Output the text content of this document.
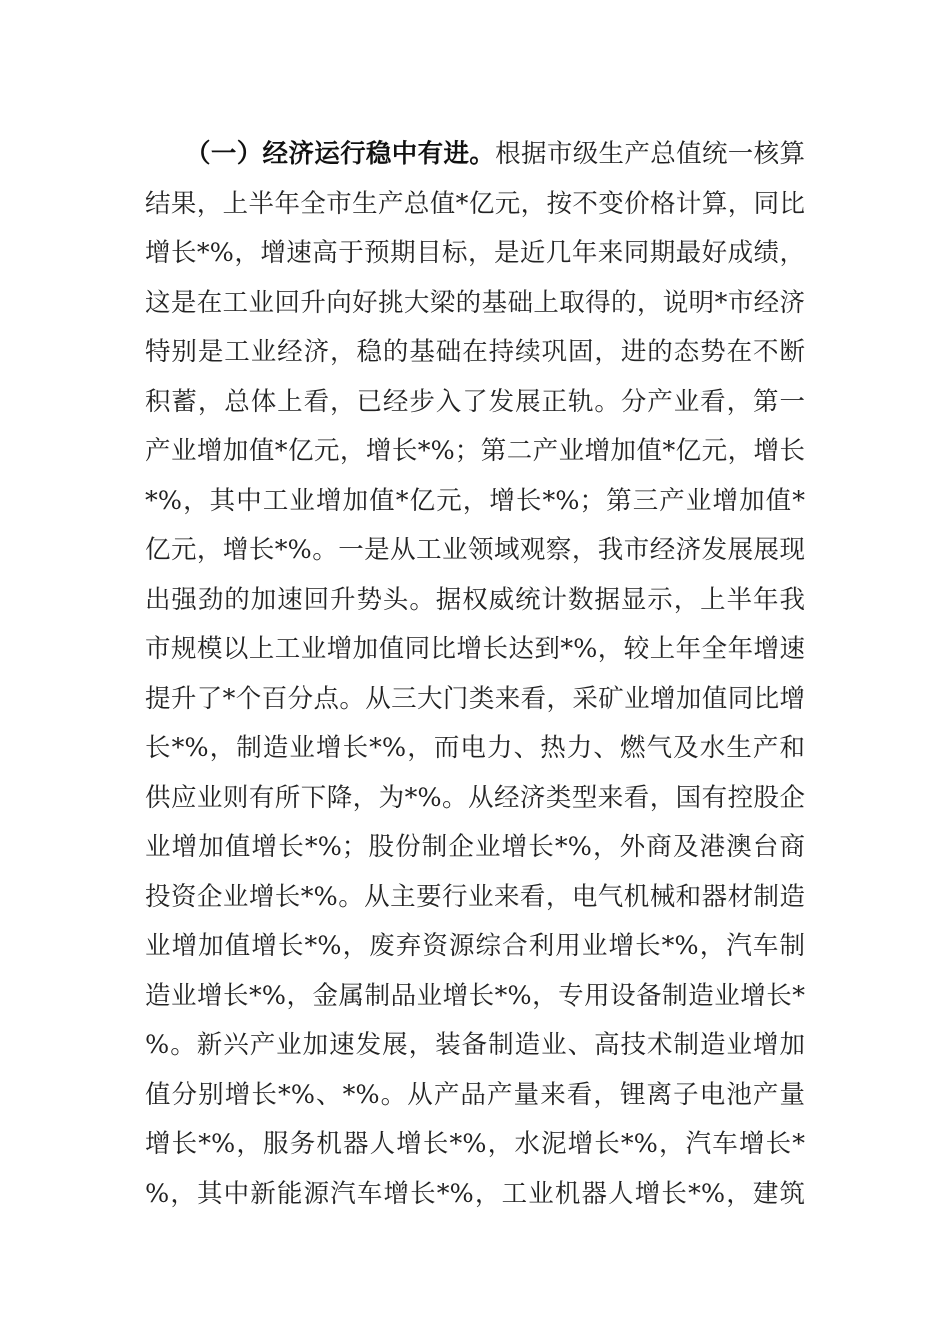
（一）经济运行稳中有进。根据市级生产总值统一核算
结果，上半年全市生产总值*亿元，按不变价格计算，同比
增长*%，增速高于预期目标，是近几年来同期最好成绩，
这是在工业回升向好挑大梁的基础上取得的，说明*市经济
特别是工业经济，稳的基础在持续巩固，进的态势在不断
积蓄，总体上看，已经步入了发展正轨。分产业看，第一
产业增加值*亿元，增长*%；第二产业增加值*亿元，增长
*%，其中工业增加值*亿元，增长*%；第三产业增加值*
亿元，增长*%。一是从工业领域观察，我市经济发展展现
出强劲的加速回升势头。据权威统计数据显示，上半年我
市规模以上工业增加值同比增长达到*%，较上年全年增速
提升了*个百分点。从三大门类来看，采矿业增加值同比增
长*%，制造业增长*%，而电力、热力、燃气及水生产和
供应业则有所下降，为*%。从经济类型来看，国有控股企
业增加值增长*%；股份制企业增长*%，外商及港澳台商
投资企业增长*%。从主要行业来看，电气机械和器材制造
业增加值增长*%，废弃资源综合利用业增长*%，汽车制
造业增长*%，金属制品业增长*%，专用设备制造业增长*
%。新兴产业加速发展，装备制造业、高技术制造业增加
值分别增长*%、*%。从产品产量来看，锂离子电池产量
增长*%，服务机器人增长*%，水泥增长*%，汽车增长*
%，其中新能源汽车增长*%，工业机器人增长*%，建筑
